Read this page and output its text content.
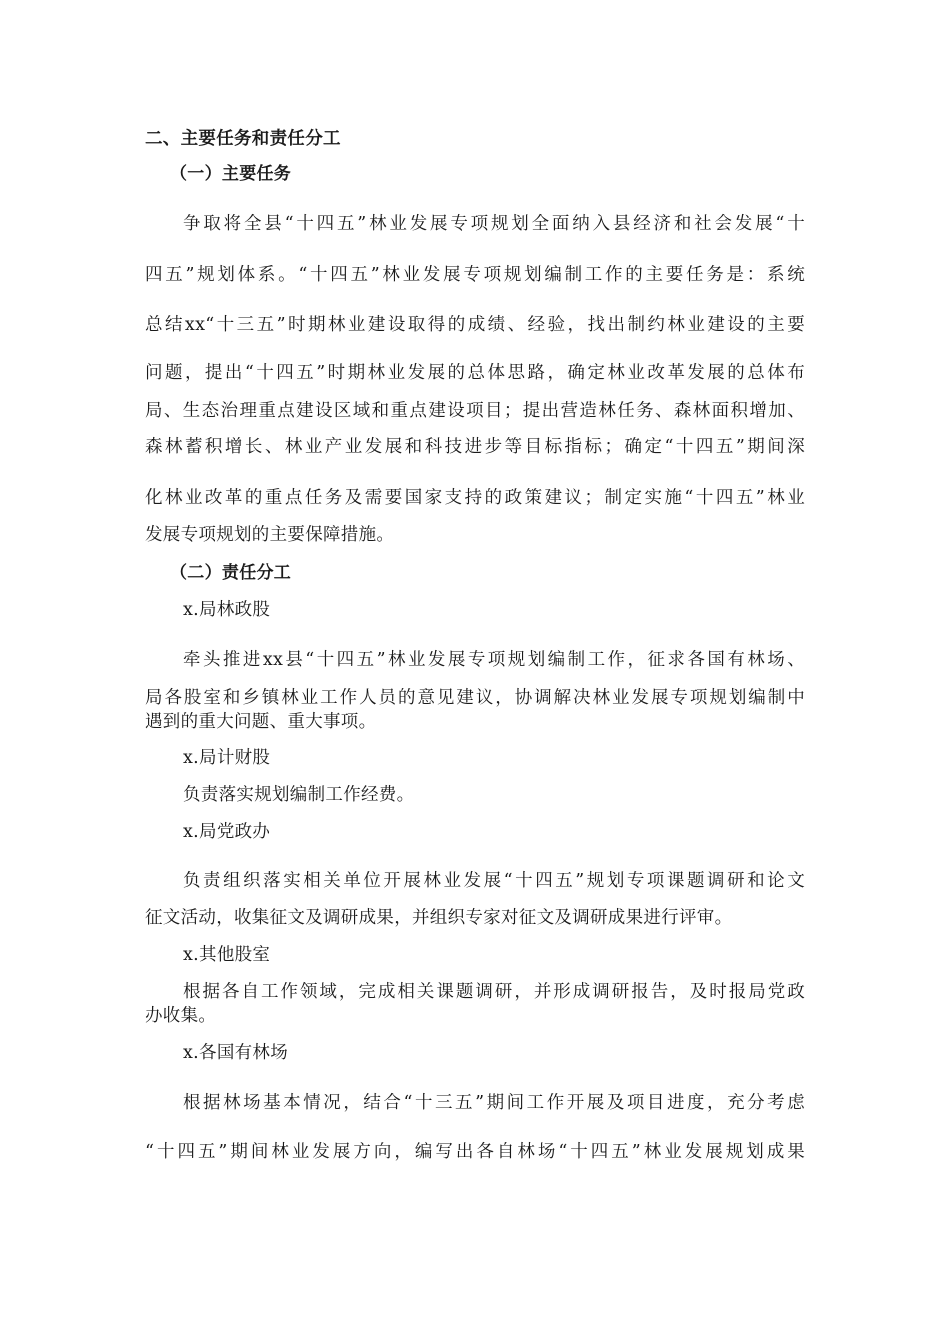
二、主要任务和责任分工
（一）主要任务
争取将全县“十四五”林业发展专项规划全面纳入县经济和社会发展“十
四五”规划体系。“十四五”林业发展专项规划编制工作的主要任务是：系统
总结xx“十三五”时期林业建设取得的成绩、经验，找出制约林业建设的主要
问题，提出“十四五”时期林业发展的总体思路，确定林业改革发展的总体布
局、生态治理重点建设区域和重点建设项目；提出营造林任务、森林面积增加、
森林蓄积增长、林业产业发展和科技进步等目标指标；确定“十四五”期间深
化林业改革的重点任务及需要国家支持的政策建议；制定实施“十四五”林业
发展专项规划的主要保障措施。
（二）责任分工
x.局林政股
牵头推进xx县“十四五”林业发展专项规划编制工作，征求各国有林场、
局各股室和乡镇林业工作人员的意见建议，协调解决林业发展专项规划编制中
遇到的重大问题、重大事项。
x.局计财股
负责落实规划编制工作经费。
x.局党政办
负责组织落实相关单位开展林业发展“十四五”规划专项课题调研和论文
征文活动，收集征文及调研成果，并组织专家对征文及调研成果进行评审。
x.其他股室
根据各自工作领域，完成相关课题调研，并形成调研报告，及时报局党政
办收集。
x.各国有林场
根据林场基本情况，结合“十三五”期间工作开展及项目进度，充分考虑
“十四五”期间林业发展方向，编写出各自林场“十四五”林业发展规划成果
